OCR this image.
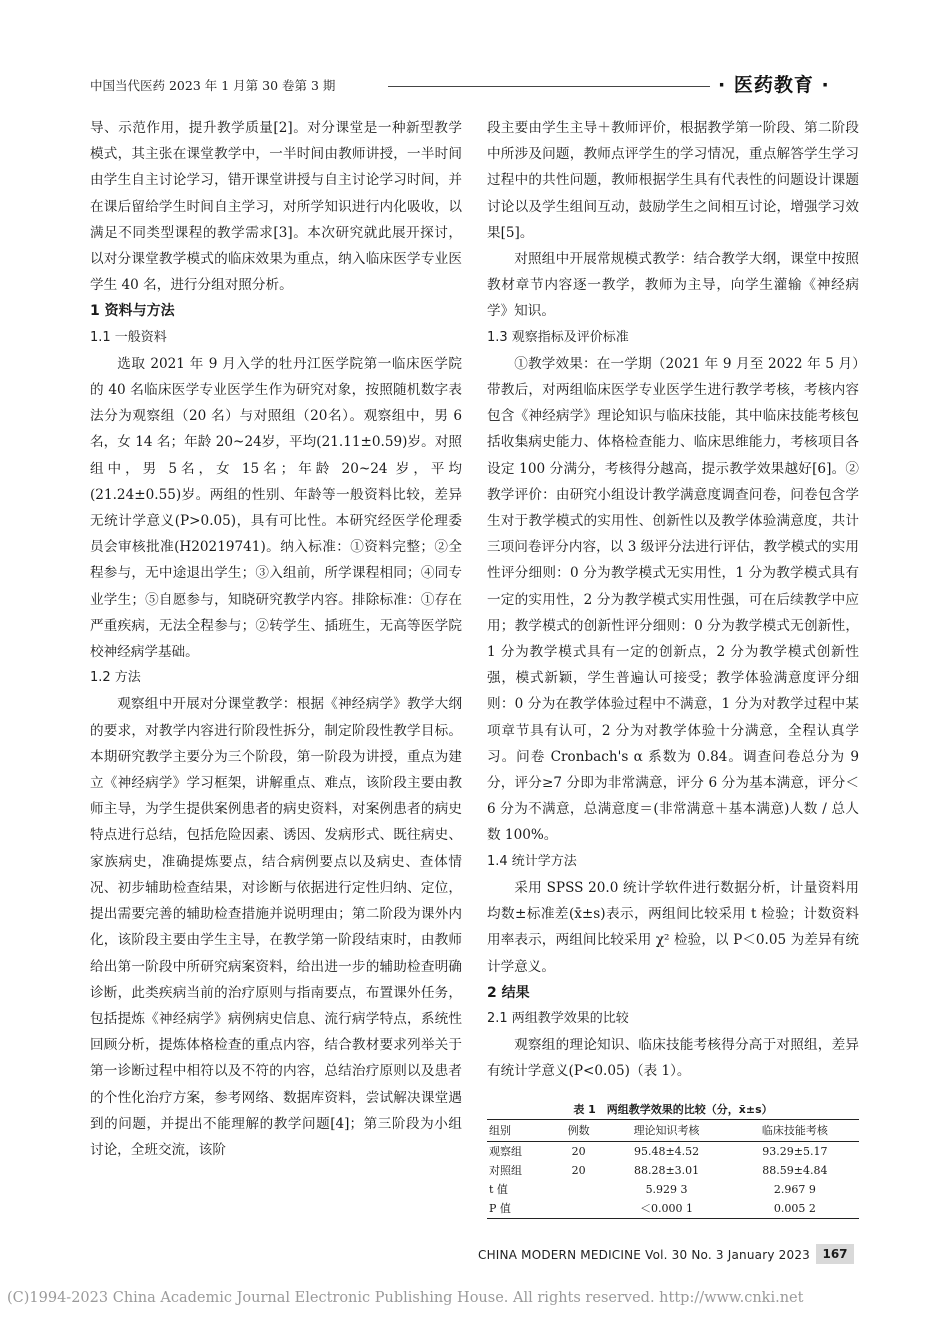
中国当代医药 2023 年 1 月第 30 卷第 3 期	· 医药教育 ·

导、示范作用，提升教学质量[2]。对分课堂是一种新型教学模式，其主张在课堂教学中，一半时间由教师讲授，一半时间由学生自主讨论学习，错开课堂讲授与自主讨论学习时间，并在课后留给学生时间自主学习，对所学知识进行内化吸收，以满足不同类型课程的教学需求[3]。本次研究就此展开探讨，以对分课堂教学模式的临床效果为重点，纳入临床医学专业医学生 40 名，进行分组对照分析。

1 资料与方法
1.1 一般资料

选取 2021 年 9 月入学的牡丹江医学院第一临床医学院的 40 名临床医学专业医学生作为研究对象，按照随机数字表法分为观察组（20 名）与对照组（20名）。观察组中，男 6 名，女 14 名；年龄 20~24岁，平均(21.11±0.59)岁。对照组中，男 5名，女 15名；年龄 20~24 岁，平均(21.24±0.55)岁。两组的性别、年龄等一般资料比较，差异无统计学意义(P>0.05)，具有可比性。本研究经医学伦理委员会审核批准(H20219741)。纳入标准：①资料完整；②全程参与，无中途退出学生；③入组前，所学课程相同；④同专业学生；⑤自愿参与，知晓研究教学内容。排除标准：①存在严重疾病，无法全程参与；②转学生、插班生，无高等医学院校神经病学基础。

1.2 方法

观察组中开展对分课堂教学：根据《神经病学》教学大纲的要求，对教学内容进行阶段性拆分，制定阶段性教学目标。本期研究教学主要分为三个阶段，第一阶段为讲授，重点为建立《神经病学》学习框架，讲解重点、难点，该阶段主要由教师主导，为学生提供案例患者的病史资料，对案例患者的病史特点进行总结，包括危险因素、诱因、发病形式、既往病史、家族病史，准确提炼要点，结合病例要点以及病史、查体情况、初步辅助检查结果，对诊断与依据进行定性归纳、定位，提出需要完善的辅助检查措施并说明理由；第二阶段为课外内化，该阶段主要由学生主导，在教学第一阶段结束时，由教师给出第一阶段中所研究病案资料，给出进一步的辅助检查明确诊断，此类疾病当前的治疗原则与指南要点，布置课外任务，包括提炼《神经病学》病例病史信息、流行病学特点，系统性回顾分析，提炼体格检查的重点内容，结合教材要求列举关于第一诊断过程中相符以及不符的内容，总结治疗原则以及患者的个性化治疗方案，参考网络、数据库资料，尝试解决课堂遇到的问题，并提出不能理解的教学问题[4]；第三阶段为小组讨论，全班交流，该阶

段主要由学生主导＋教师评价，根据教学第一阶段、第二阶段中所涉及问题，教师点评学生的学习情况，重点解答学生学习过程中的共性问题，教师根据学生具有代表性的问题设计课题讨论以及学生组间互动，鼓励学生之间相互讨论，增强学习效果[5]。

对照组中开展常规模式教学：结合教学大纲，课堂中按照教材章节内容逐一教学，教师为主导，向学生灌输《神经病学》知识。

1.3 观察指标及评价标准

①教学效果：在一学期（2021 年 9 月至 2022 年 5 月）带教后，对两组临床医学专业医学生进行教学考核，考核内容包含《神经病学》理论知识与临床技能，其中临床技能考核包括收集病史能力、体格检查能力、临床思维能力，考核项目各设定 100 分满分，考核得分越高，提示教学效果越好[6]。②教学评价：由研究小组设计教学满意度调查问卷，问卷包含学生对于教学模式的实用性、创新性以及教学体验满意度，共计三项问卷评分内容，以 3 级评分法进行评估，教学模式的实用性评分细则：0 分为教学模式无实用性，1 分为教学模式具有一定的实用性，2 分为教学模式实用性强，可在后续教学中应用；教学模式的创新性评分细则：0 分为教学模式无创新性，1 分为教学模式具有一定的创新点，2 分为教学模式创新性强，模式新颖，学生普遍认可接受；教学体验满意度评分细则：0 分为在教学体验过程中不满意，1 分为对教学过程中某项章节具有认可，2 分为对教学体验十分满意，全程认真学习。问卷 Cronbach's α 系数为 0.84。调查问卷总分为 9 分，评分≥7 分即为非常满意，评分 6 分为基本满意，评分＜6 分为不满意，总满意度＝(非常满意＋基本满意)人数 / 总人数 100%。

1.4 统计学方法

采用 SPSS 20.0 统计学软件进行数据分析，计量资料用均数±标准差(x̄±s)表示，两组间比较采用 t 检验；计数资料用率表示，两组间比较采用 χ² 检验，以 P＜0.05 为差异有统计学意义。

2 结果
2.1 两组教学效果的比较

观察组的理论知识、临床技能考核得分高于对照组，差异有统计学意义(P<0.05)（表 1）。

表 1　两组教学效果的比较（分，x̄±s）
组别	例数	理论知识考核	临床技能考核
观察组	20	95.48±4.52	93.29±5.17
对照组	20	88.28±3.01	88.59±4.84
t 值		5.929 3	2.967 9
P 值		＜0.000 1	0.005 2
CHINA MODERN MEDICINE Vol. 30 No. 3 January 2023	167
(C)1994-2023 China Academic Journal Electronic Publishing House. All rights reserved. http://www.cnki.net
